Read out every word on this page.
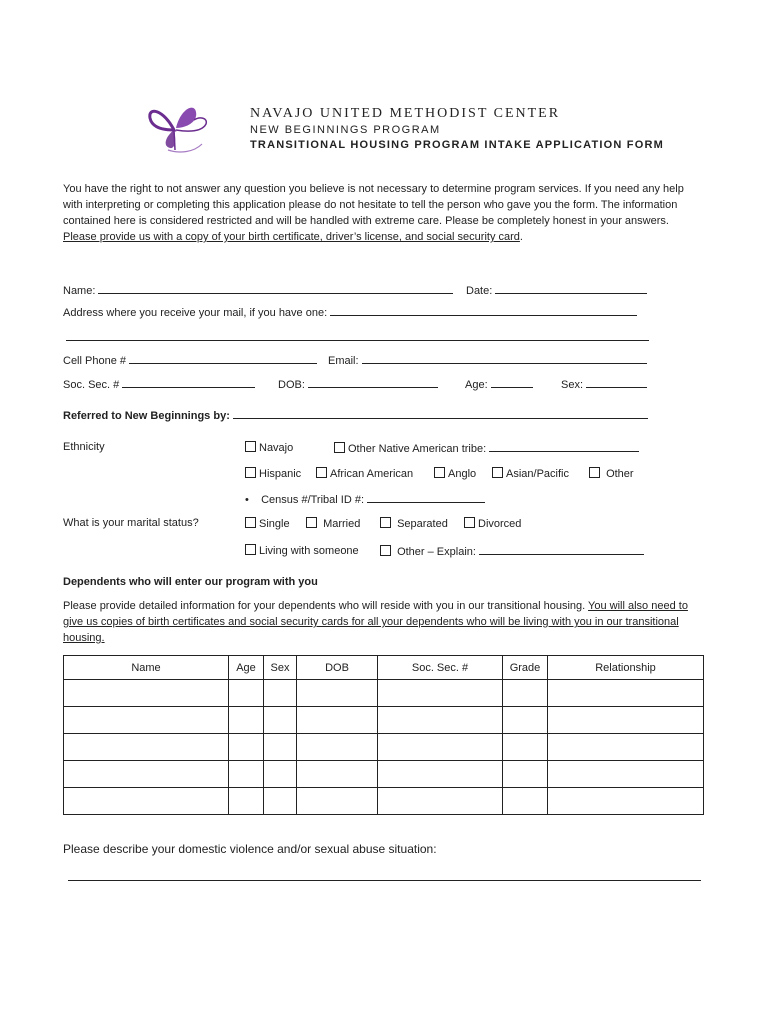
NAVAJO UNITED METHODIST CENTER
NEW BEGINNINGS PROGRAM
TRANSITIONAL HOUSING PROGRAM INTAKE APPLICATION FORM
You have the right to not answer any question you believe is not necessary to determine program services. If you need any help with interpreting or completing this application please do not hesitate to tell the person who gave you the form. The information contained here is considered restricted and will be handled with extreme care. Please be completely honest in your answers. Please provide us with a copy of your birth certificate, driver’s license, and social security card.
Name:	Date:
Address where you receive your mail, if you have one:
Cell Phone #	Email:
Soc. Sec. #	DOB:	Age:	Sex:
Referred to New Beginnings by:
Ethnicity	Navajo	Other Native American tribe:
Hispanic	African American	Anglo	Asian/Pacific	Other
• Census #/Tribal ID #:
What is your marital status?	Single	Married	Separated	Divorced
Living with someone	Other – Explain:
Dependents who will enter our program with you
Please provide detailed information for your dependents who will reside with you in our transitional housing. You will also need to give us copies of birth certificates and social security cards for all your dependents who will be living with you in our transitional housing.
Name	Age	Sex	DOB	Soc. Sec. #	Grade	Relationship

Please describe your domestic violence and/or sexual abuse situation:
